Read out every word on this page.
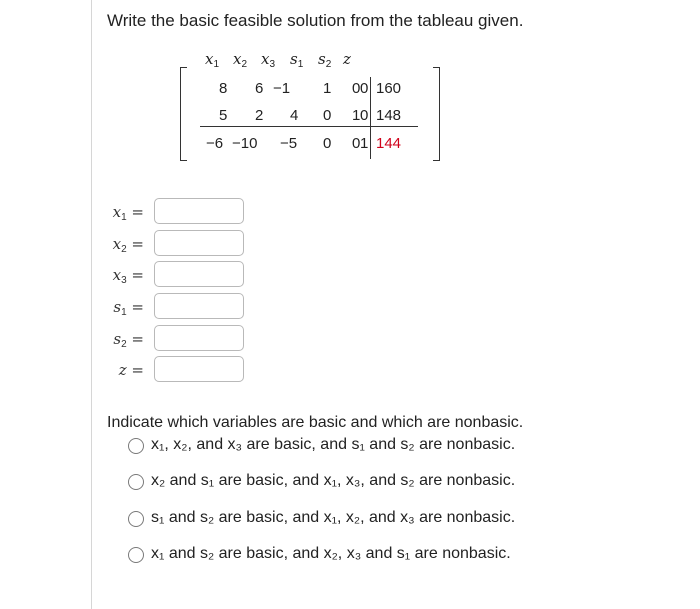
Write the basic feasible solution from the tableau given.
$x_1$ $x_2$ $x_3$ $s_1$ $s_2$ z
8 6 −1 1 0 0 160
5 2 4 0 1 0 148
−6 −10 −5 0 0 1 144
$x_1$ =
$x_2$ =
$x_3$ =
$s_1$ =
$s_2$ =
z =
Indicate which variables are basic and which are nonbasic.
x₁, x₂, and x₃ are basic, and s₁ and s₂ are nonbasic.
x₂ and s₁ are basic, and x₁, x₃, and s₂ are nonbasic.
s₁ and s₂ are basic, and x₁, x₂, and x₃ are nonbasic.
x₁ and s₂ are basic, and x₂, x₃ and s₁ are nonbasic.
